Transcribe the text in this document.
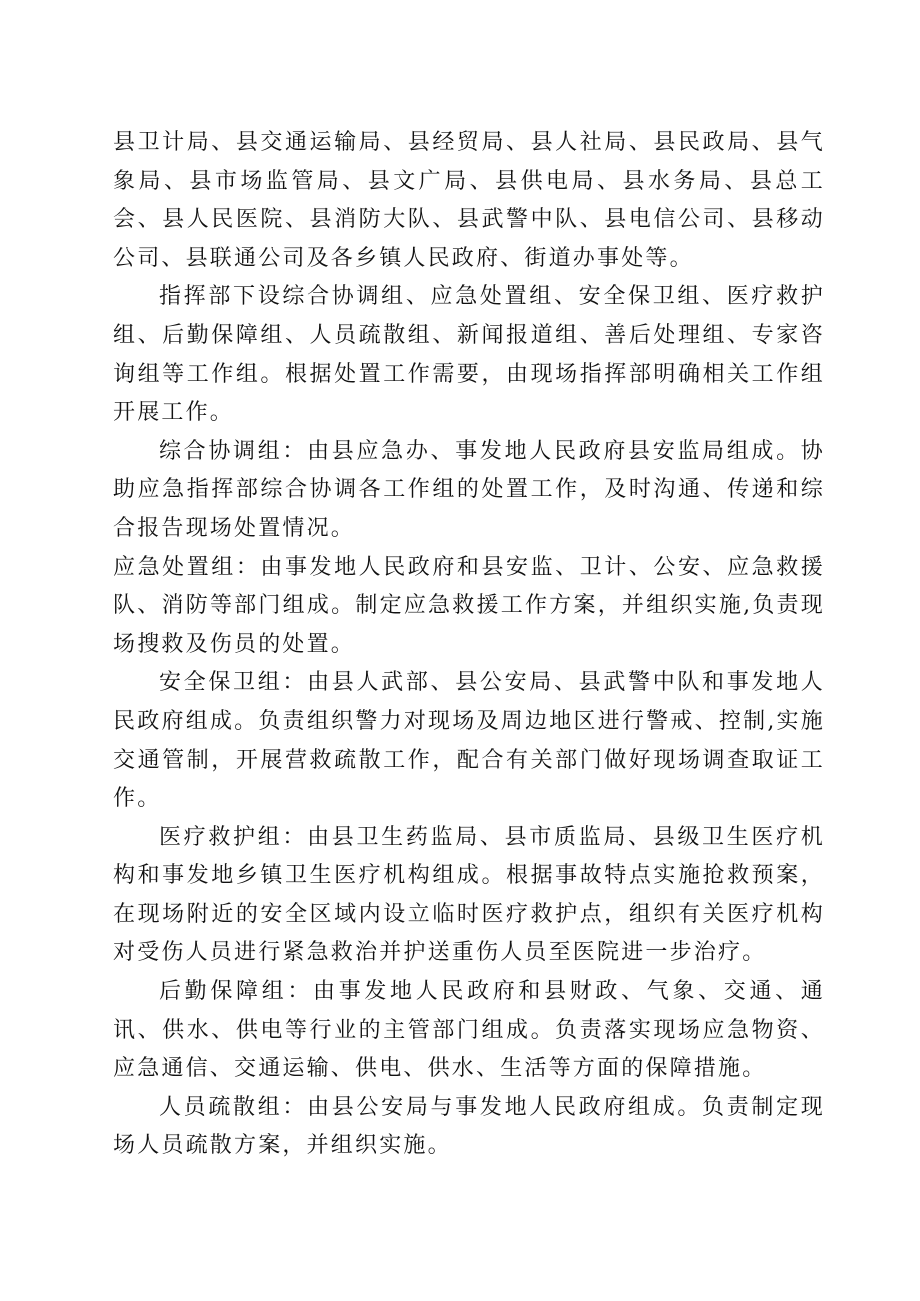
县卫计局、县交通运输局、县经贸局、县人社局、县民政局、县气象局、县市场监管局、县文广局、县供电局、县水务局、县总工会、县人民医院、县消防大队、县武警中队、县电信公司、县移动公司、县联通公司及各乡镇人民政府、街道办事处等。

指挥部下设综合协调组、应急处置组、安全保卫组、医疗救护组、后勤保障组、人员疏散组、新闻报道组、善后处理组、专家咨询组等工作组。根据处置工作需要，由现场指挥部明确相关工作组开展工作。

综合协调组：由县应急办、事发地人民政府县安监局组成。协助应急指挥部综合协调各工作组的处置工作，及时沟通、传递和综合报告现场处置情况。

应急处置组：由事发地人民政府和县安监、卫计、公安、应急救援队、消防等部门组成。制定应急救援工作方案，并组织实施,负责现场搜救及伤员的处置。

安全保卫组：由县人武部、县公安局、县武警中队和事发地人民政府组成。负责组织警力对现场及周边地区进行警戒、控制,实施交通管制，开展营救疏散工作，配合有关部门做好现场调查取证工作。

医疗救护组：由县卫生药监局、县市质监局、县级卫生医疗机构和事发地乡镇卫生医疗机构组成。根据事故特点实施抢救预案，在现场附近的安全区域内设立临时医疗救护点，组织有关医疗机构对受伤人员进行紧急救治并护送重伤人员至医院进一步治疗。

后勤保障组：由事发地人民政府和县财政、气象、交通、通讯、供水、供电等行业的主管部门组成。负责落实现场应急物资、应急通信、交通运输、供电、供水、生活等方面的保障措施。

人员疏散组：由县公安局与事发地人民政府组成。负责制定现场人员疏散方案，并组织实施。
